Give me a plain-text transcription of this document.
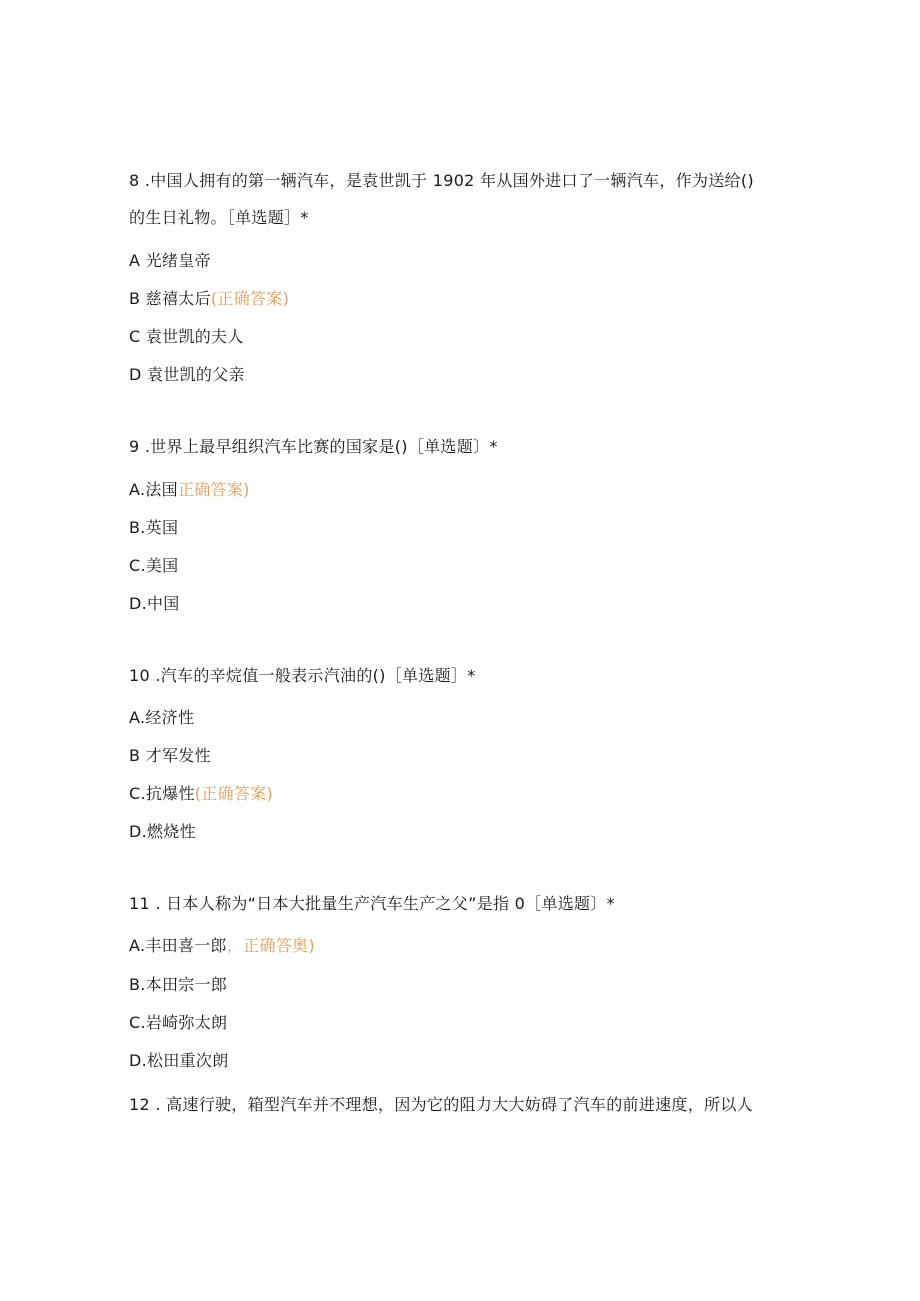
8 .中国人拥有的第一辆汽车，是袁世凯于 1902 年从国外进口了一辆汽车，作为送给()
的生日礼物。［单选题］*
A 光绪皇帝
B 慈禧太后(正确答案)
C 袁世凯的夫人
D 袁世凯的父亲
9 .世界上最早组织汽车比赛的国家是()［单选题〕*
A.法国正确答案)
B.英国
C.美国
D.中国
10 .汽车的辛烷值一般表示汽油的()［单选题］*
A.经济性
B 才军发性
C.抗爆性(正确答案)
D.燃烧性
11 . 日本人称为“日本大批量生产汽车生产之父”是指 0［单选题〕*
A.丰田喜一郎，正确答奥)
B.本田宗一郎
C.岩崎弥太朗
D.松田重次朗
12 . 高速行驶，箱型汽车并不理想，因为它的阻力大大妨碍了汽车的前进速度，所以人
